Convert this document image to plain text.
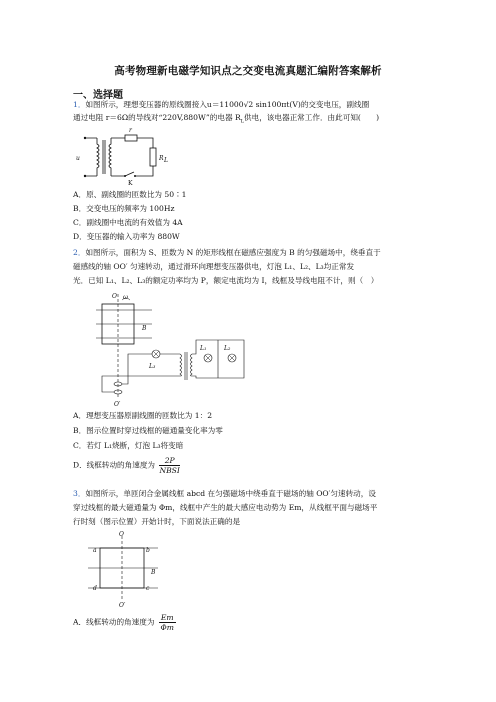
高考物理新电磁学知识点之交变电流真题汇编附答案解析
一、选择题
1．如图所示，理想变压器的原线圈接入u＝11000√2 sin100πt(V)的交变电压，副线圈
通过电阻 r＝6Ω的导线对“220V,880W”的电器 $R_L$供电，该电器正常工作．由此可知(　　)
u
r
R L
K
A．原、副线圈的匝数比为 50∶1
B．交变电压的频率为 100Hz
C．副线圈中电流的有效值为 4A
D．变压器的输入功率为 880W
2．如图所示，面积为 S、匝数为 N 的矩形线框在磁感应强度为 B 的匀强磁场中，绕垂直于
磁感线的轴 OO′ 匀速转动，通过滑环向理想变压器供电，灯泡 L₁、L₂、L₃均正常发
光．已知 L₁、L₂、L₃的额定功率均为 P，额定电流均为 I，线框及导线电阻不计，则（　）
B
O ω
O′
L₃
L₁	L₂
A．理想变压器原副线圈的匝数比为 1：2
B．图示位置时穿过线框的磁通量变化率为零
C．若灯 L₁烧断，灯泡 L₃将变暗
D．线框转动的角速度为 $\frac{2P}{\text{NBSI}}$
3．如图所示，单匝闭合金属线框 abcd 在匀强磁场中绕垂直于磁场的轴 OO′匀速转动，设
穿过线框的最大磁通量为 Φm，线框中产生的最大感应电动势为 Em，从线框平面与磁场平
行时刻（图示位置）开始计时，下面说法正确的是
O
O′
a	b
c
d
B
A．线框转动的角速度为 $\frac{Em}{\Phi m}$
